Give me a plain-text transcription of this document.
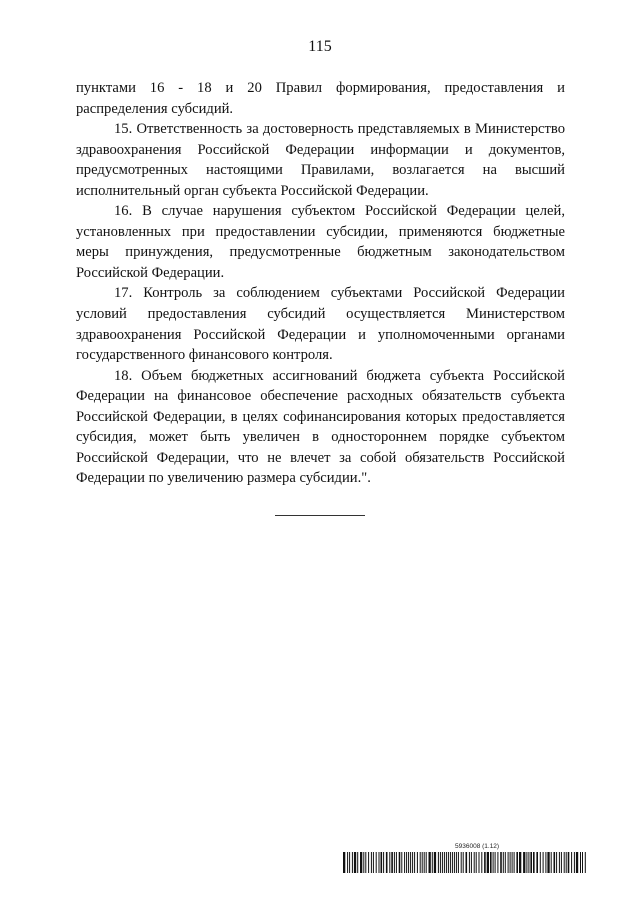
115

пунктами 16 - 18 и 20 Правил формирования, предоставления и распределения субсидий.

15. Ответственность за достоверность представляемых в Министерство здравоохранения Российской Федерации информации и документов, предусмотренных настоящими Правилами, возлагается на высший исполнительный орган субъекта Российской Федерации.

16. В случае нарушения субъектом Российской Федерации целей, установленных при предоставлении субсидии, применяются бюджетные меры принуждения, предусмотренные бюджетным законодательством Российской Федерации.

17. Контроль за соблюдением субъектами Российской Федерации условий предоставления субсидий осуществляется Министерством здравоохранения Российской Федерации и уполномоченными органами государственного финансового контроля.

18. Объем бюджетных ассигнований бюджета субъекта Российской Федерации на финансовое обеспечение расходных обязательств субъекта Российской Федерации, в целях софинансирования которых предоставляется субсидия, может быть увеличен в одностороннем порядке субъектом Российской Федерации, что не влечет за собой обязательств Российской Федерации по увеличению размера субсидии.".

5936008 (1.12)
